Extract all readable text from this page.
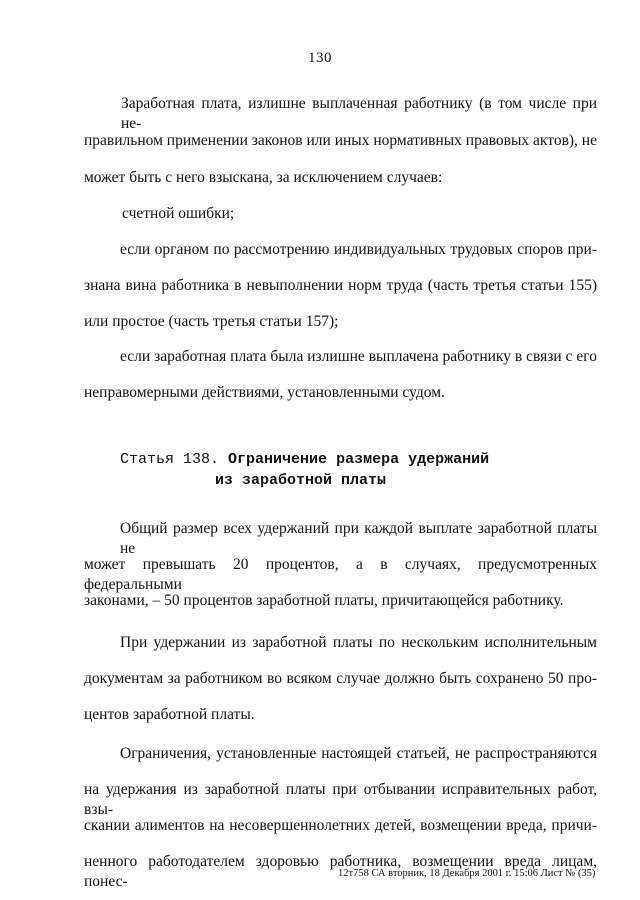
130
Заработная плата, излишне выплаченная работнику (в том числе при не-
правильном применении законов или иных нормативных правовых актов), не
может быть с него взыскана, за исключением случаев:
счетной ошибки;
если органом по рассмотрению индивидуальных трудовых споров при-
знана вина работника в невыполнении норм труда (часть третья статьи 155)
или простое (часть третья статьи 157);
если заработная плата была излишне выплачена работнику в связи с его
неправомерными действиями, установленными судом.
Статья 138. Ограничение размера удержаний
из заработной платы
Общий размер всех удержаний при каждой выплате заработной платы не
может превышать 20 процентов, а в случаях, предусмотренных федеральными
законами, – 50 процентов заработной платы, причитающейся работнику.
При удержании из заработной платы по нескольким исполнительным
документам за работником во всяком случае должно быть сохранено 50 про-
центов заработной платы.
Ограничения, установленные настоящей статьей, не распространяются
на удержания из заработной платы при отбывании исправительных работ, взы-
скании алиментов на несовершеннолетних детей, возмещении вреда, причи-
ненного работодателем здоровью работника, возмещении вреда лицам, понес-	12т758 СА вторник, 18 Декабря 2001 г. 15:06 Лист № (35)
